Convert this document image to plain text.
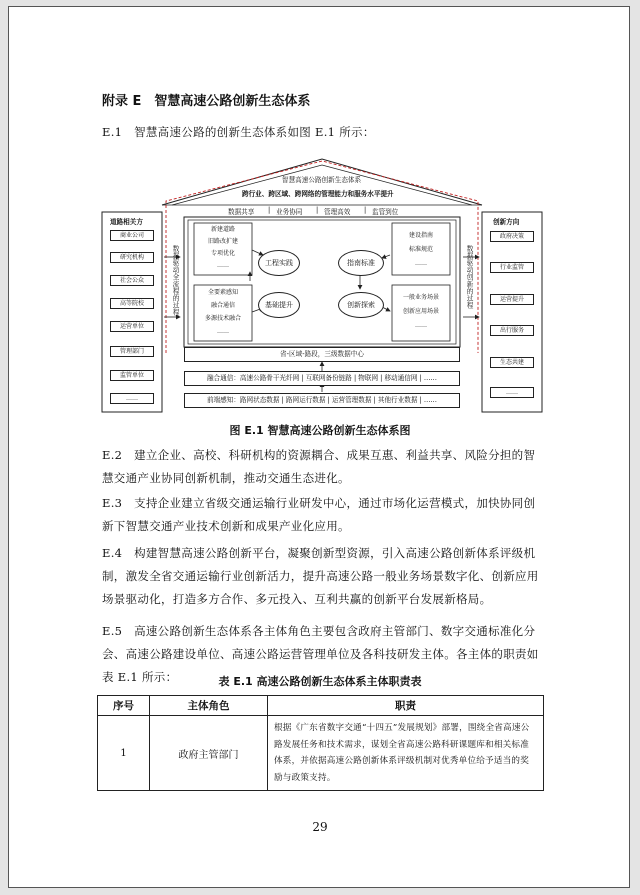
附录 E　智慧高速公路创新生态体系
E.1　智慧高速公路的创新生态体系如图 E.1 所示：
智慧高速公路创新生态体系
跨行业、跨区域、跨网络的管理能力和服务水平提升
数据共享 | 业务协同 | 管理高效 | 监管到位
道路相关方
商业公司
研究机构
社会公众
高等院校
运营单位
管理部门
监管单位
……
创新方向
政府决策
行业监管
运营提升
出行服务
生态共建
……
数据驱动全流程的过程	数据驱动创新的过程
新建道路
旧路改扩建
专项优化
……
全要素感知
融合通信
多源技术融合
……
建设指南
标准规范
……
一般业务场景
创新应用场景
……
工程实践	指南标准
基础提升	创新探索
省-区域-路段，三级数据中心
融合通信：高速公路骨干光纤网 | 互联网备份链路 | 物联网 | 移动通信网 | ……
前端感知：路网状态数据 | 路网运行数据 | 运营管理数据 | 其他行业数据 | ……
图 E.1 智慧高速公路创新生态体系图
E.2　建立企业、高校、科研机构的资源耦合、成果互惠、利益共享、风险分担的智慧交通产业协同创新机制，推动交通生态进化。
E.3　支持企业建立省级交通运输行业研发中心，通过市场化运营模式，加快协同创新下智慧交通产业技术创新和成果产业化应用。
E.4　构建智慧高速公路创新平台，凝聚创新型资源，引入高速公路创新体系评级机制，激发全省交通运输行业创新活力，提升高速公路一般业务场景数字化、创新应用场景驱动化，打造多方合作、多元投入、互利共赢的创新平台发展新格局。
E.5　高速公路创新生态体系各主体角色主要包含政府主管部门、数字交通标准化分会、高速公路建设单位、高速公路运营管理单位及各科技研发主体。各主体的职责如表 E.1 所示：	表 E.1 高速公路创新生态体系主体职责表
序号	主体角色	职责
1	政府主管部门	根据《广东省数字交通“十四五”发展规划》部署，围绕全省高速公路发展任务和技术需求，谋划全省高速公路科研课题库和相关标准体系，并依据高速公路创新体系评级机制对优秀单位给予适当的奖励与政策支持。
29
